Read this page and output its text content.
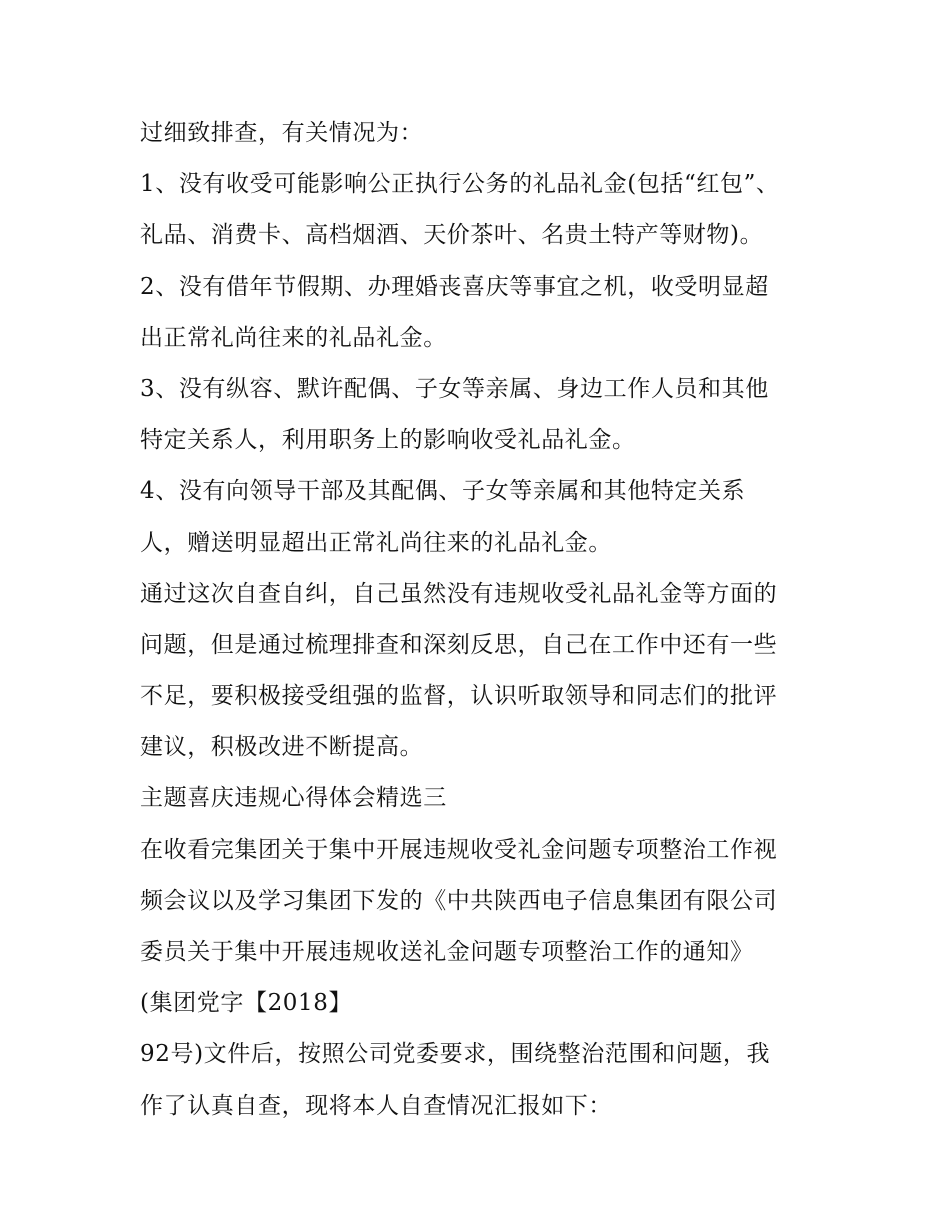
过细致排查，有关情况为：
1、没有收受可能影响公正执行公务的礼品礼金(包括“红包”、
礼品、消费卡、高档烟酒、天价茶叶、名贵土特产等财物)。
2、没有借年节假期、办理婚丧喜庆等事宜之机，收受明显超
出正常礼尚往来的礼品礼金。
3、没有纵容、默许配偶、子女等亲属、身边工作人员和其他
特定关系人，利用职务上的影响收受礼品礼金。
4、没有向领导干部及其配偶、子女等亲属和其他特定关系
人，赠送明显超出正常礼尚往来的礼品礼金。
通过这次自查自纠，自己虽然没有违规收受礼品礼金等方面的
问题，但是通过梳理排查和深刻反思，自己在工作中还有一些
不足，要积极接受组强的监督，认识听取领导和同志们的批评
建议，积极改进不断提高。
主题喜庆违规心得体会精选三
在收看完集团关于集中开展违规收受礼金问题专项整治工作视
频会议以及学习集团下发的《中共陕西电子信息集团有限公司
委员关于集中开展违规收送礼金问题专项整治工作的通知》
(集团党字【2018】
92号)文件后，按照公司党委要求，围绕整治范围和问题，我
作了认真自查，现将本人自查情况汇报如下：
